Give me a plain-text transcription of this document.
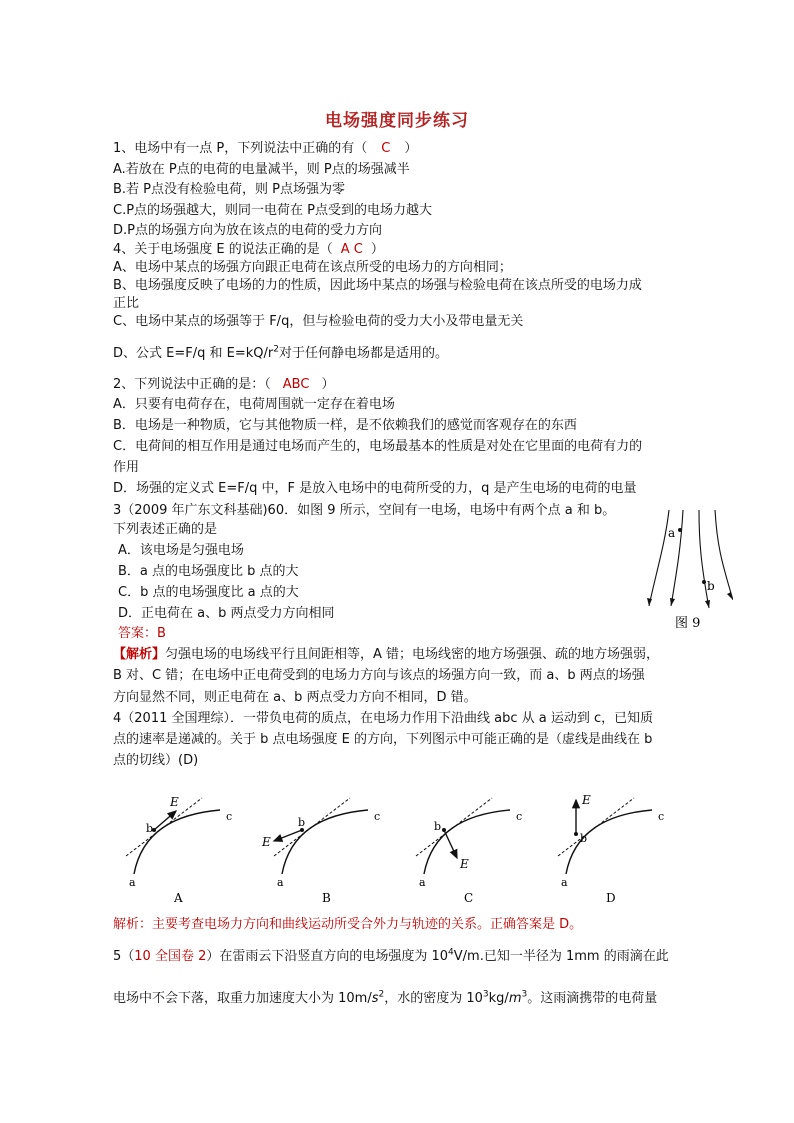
电场强度同步练习
1、电场中有一点 P，下列说法中正确的有（ C ）
A.若放在 P点的电荷的电量减半，则 P点的场强减半
B.若 P点没有检验电荷，则 P点场强为零
C.P点的场强越大，则同一电荷在 P点受到的电场力越大
D.P点的场强方向为放在该点的电荷的受力方向
4、关于电场强度 E 的说法正确的是（ A C ）
A、电场中某点的场强方向跟正电荷在该点所受的电场力的方向相同；
B、电场强度反映了电场的力的性质，因此场中某点的场强与检验电荷在该点所受的电场力成
正比
C、电场中某点的场强等于 F/q，但与检验电荷的受力大小及带电量无关
D、公式 E=F/q 和 $E=kQ/r^2$对于任何静电场都是适用的。
2、下列说法中正确的是：（ ABC ）
A．只要有电荷存在，电荷周围就一定存在着电场
B．电场是一种物质，它与其他物质一样，是不依赖我们的感觉而客观存在的东西
C．电荷间的相互作用是通过电场而产生的，电场最基本的性质是对处在它里面的电荷有力的
作用
D．场强的定义式 E=F/q 中，F 是放入电场中的电荷所受的力，q 是产生电场的电荷的电量
3（2009 年广东文科基础)60．如图 9 所示，空间有一电场，电场中有两个点 a 和 b。
下列表述正确的是
A．该电场是匀强电场
B．a 点的电场强度比 b 点的大
C．b 点的电场强度比 a 点的大
D．正电荷在 a、b 两点受力方向相同
答案：B
a
b
图 9
【解析】匀强电场的电场线平行且间距相等，A 错；电场线密的地方场强强、疏的地方场强弱，
B 对、C 错；在电场中正电荷受到的电场力方向与该点的场强方向一致，而 a、b 两点的场强
方向显然不同，则正电荷在 a、b 两点受力方向不相同，D 错。
4（2011 全国理综）．一带负电荷的质点，在电场力作用下沿曲线 abc 从 a 运动到 c，已知质
点的速率是递减的。关于 b 点电场强度 E 的方向，下列图示中可能正确的是（虚线是曲线在 b
点的切线）(D)
E
b
c
a
A
E
b	c
a
B
E
b
c
a
C
E
b
c
a
D
解析：主要考查电场力方向和曲线运动所受合外力与轨迹的关系。正确答案是 D。
5（10 全国卷 2）在雷雨云下沿竖直方向的电场强度为 $10^4V/m$.已知一半径为 1mm 的雨滴在此
电场中不会下落，取重力加速度大小为 $10m/s^2$，水的密度为 $10^3kg/m^3$。这雨滴携带的电荷量
